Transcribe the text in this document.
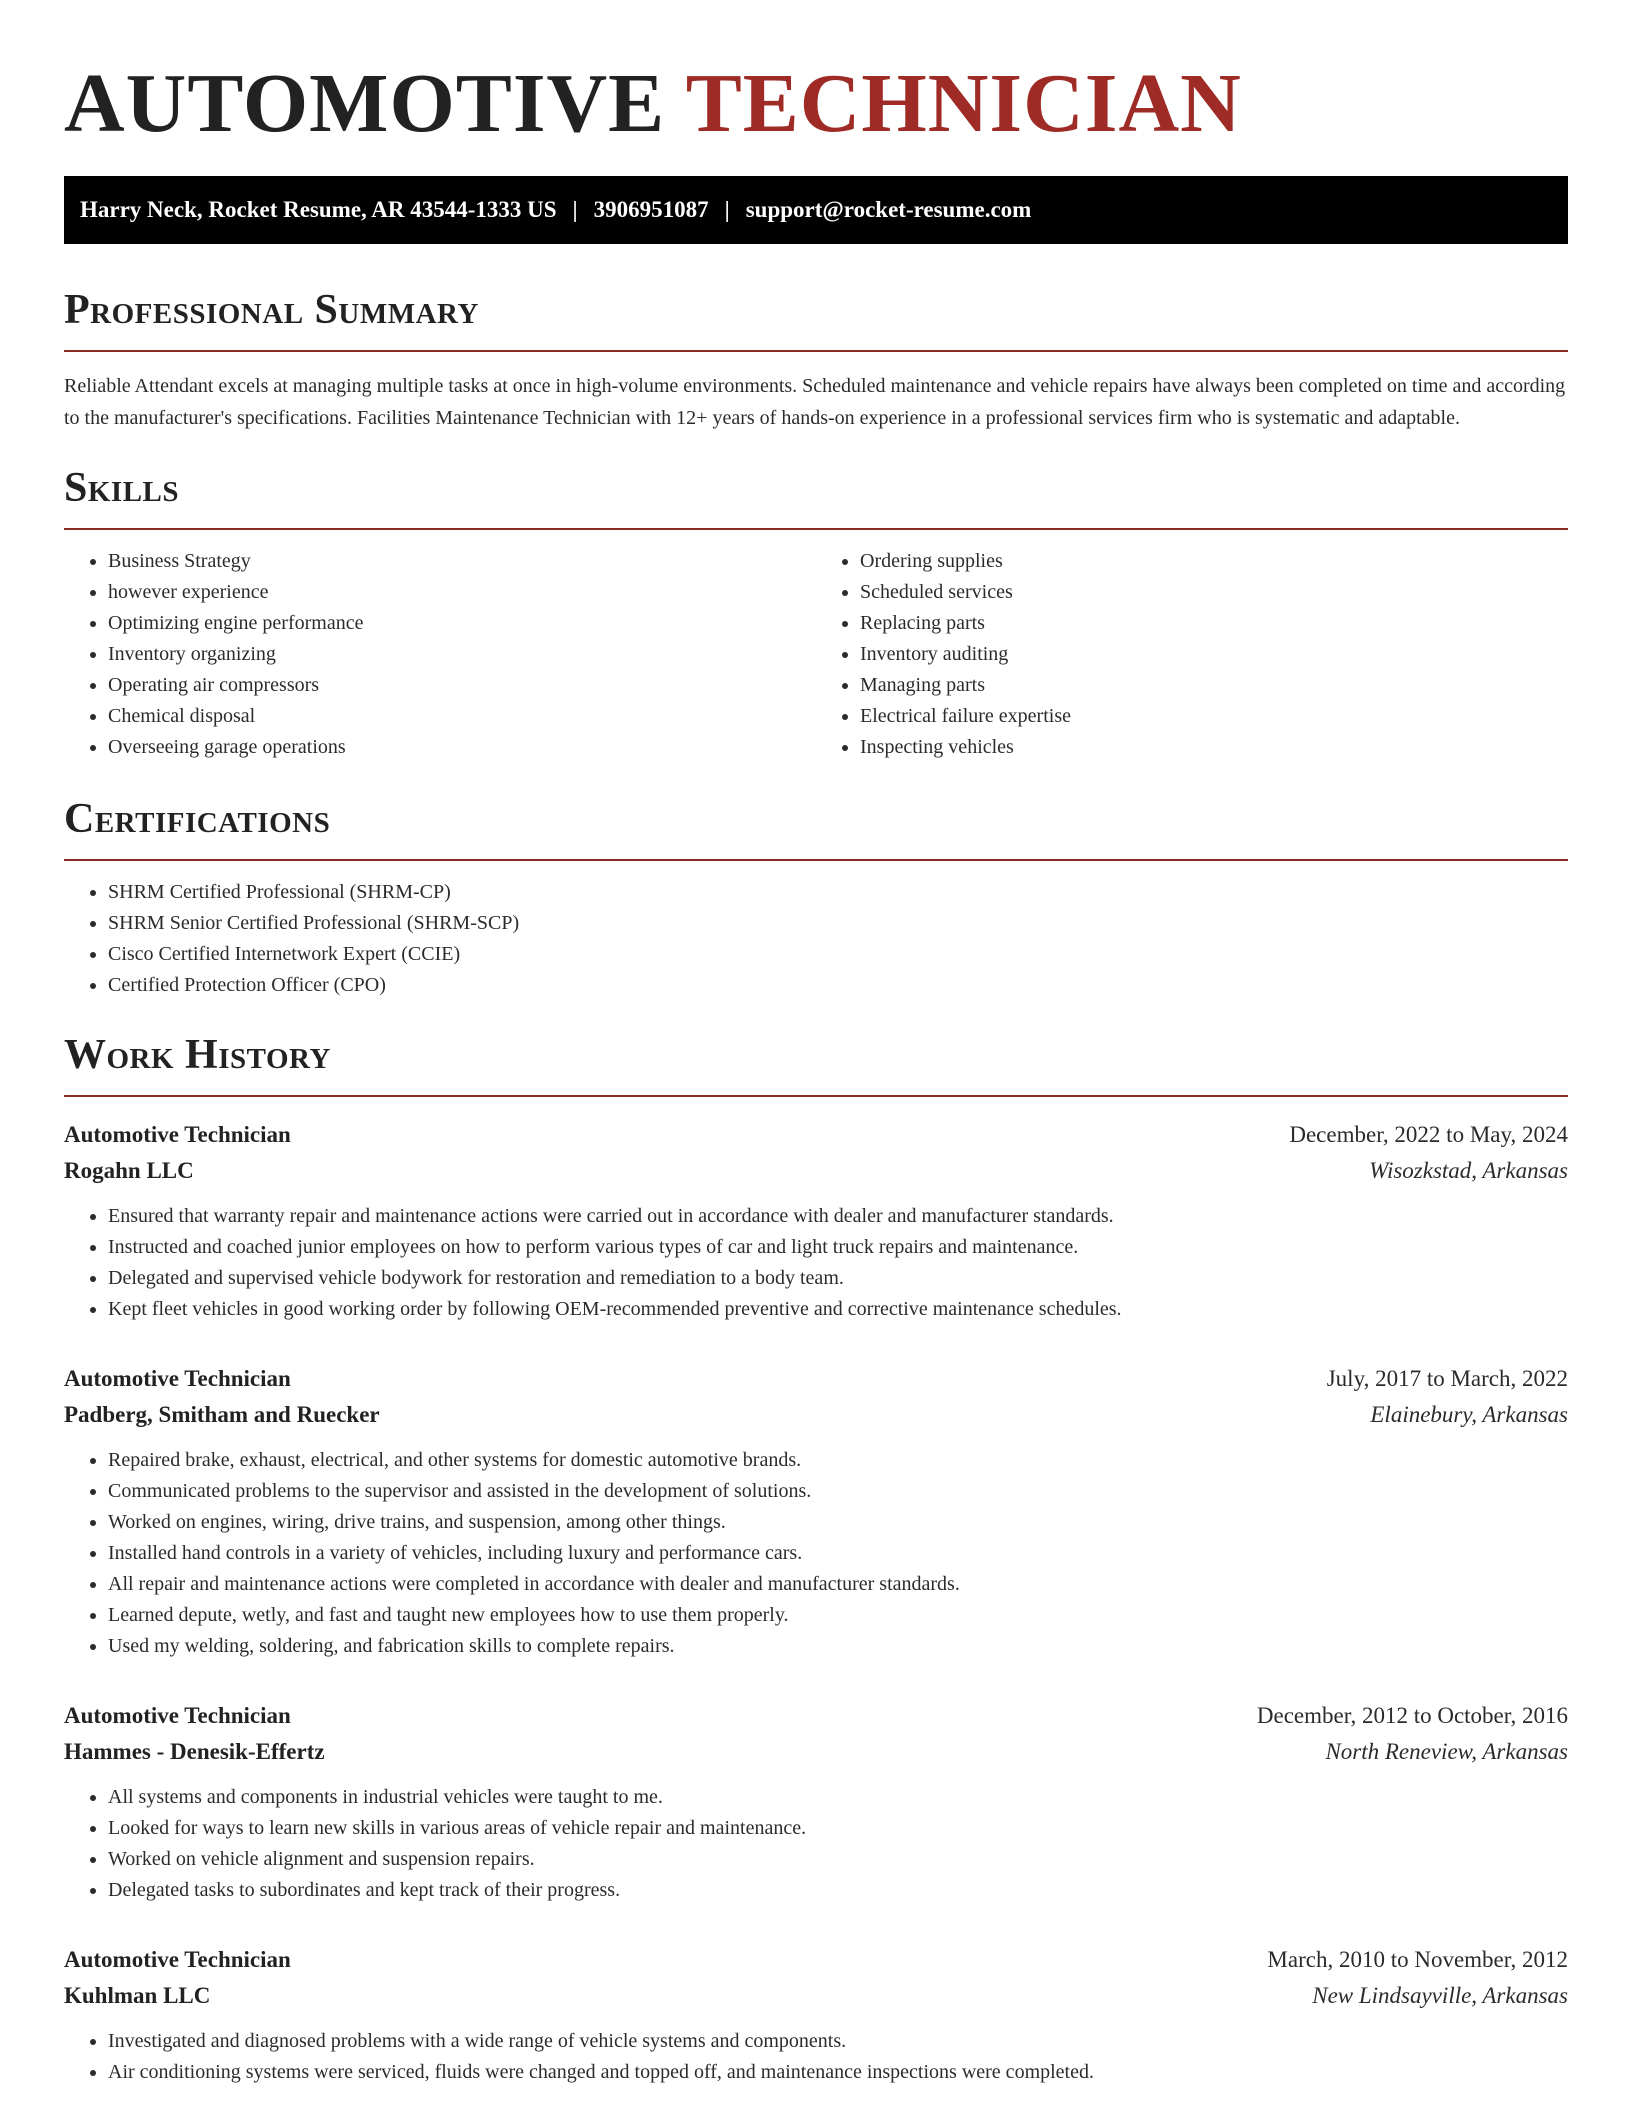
AUTOMOTIVE TECHNICIAN
Harry Neck, Rocket Resume, AR 43544-1333 US | 3906951087 | support@rocket-resume.com
Professional Summary

Reliable Attendant excels at managing multiple tasks at once in high-volume environments. Scheduled maintenance and vehicle repairs have always been completed on time and according to the manufacturer's specifications. Facilities Maintenance Technician with 12+ years of hands-on experience in a professional services firm who is systematic and adaptable.

Skills
• Business Strategy
• however experience
• Optimizing engine performance
• Inventory organizing
• Operating air compressors
• Chemical disposal
• Overseeing garage operations
• Ordering supplies
• Scheduled services
• Replacing parts
• Inventory auditing
• Managing parts
• Electrical failure expertise
• Inspecting vehicles
Certifications
• SHRM Certified Professional (SHRM-CP)
• SHRM Senior Certified Professional (SHRM-SCP)
• Cisco Certified Internetwork Expert (CCIE)
• Certified Protection Officer (CPO)
Work History
Automotive Technician	December, 2022 to May, 2024
Rogahn LLC	Wisozkstad, Arkansas
• Ensured that warranty repair and maintenance actions were carried out in accordance with dealer and manufacturer standards.
• Instructed and coached junior employees on how to perform various types of car and light truck repairs and maintenance.
• Delegated and supervised vehicle bodywork for restoration and remediation to a body team.
• Kept fleet vehicles in good working order by following OEM-recommended preventive and corrective maintenance schedules.
Automotive Technician	July, 2017 to March, 2022
Padberg, Smitham and Ruecker	Elainebury, Arkansas
• Repaired brake, exhaust, electrical, and other systems for domestic automotive brands.
• Communicated problems to the supervisor and assisted in the development of solutions.
• Worked on engines, wiring, drive trains, and suspension, among other things.
• Installed hand controls in a variety of vehicles, including luxury and performance cars.
• All repair and maintenance actions were completed in accordance with dealer and manufacturer standards.
• Learned depute, wetly, and fast and taught new employees how to use them properly.
• Used my welding, soldering, and fabrication skills to complete repairs.
Automotive Technician	December, 2012 to October, 2016
Hammes - Denesik-Effertz	North Reneview, Arkansas
• All systems and components in industrial vehicles were taught to me.
• Looked for ways to learn new skills in various areas of vehicle repair and maintenance.
• Worked on vehicle alignment and suspension repairs.
• Delegated tasks to subordinates and kept track of their progress.
Automotive Technician	March, 2010 to November, 2012
Kuhlman LLC	New Lindsayville, Arkansas
• Investigated and diagnosed problems with a wide range of vehicle systems and components.
• Air conditioning systems were serviced, fluids were changed and topped off, and maintenance inspections were completed.
